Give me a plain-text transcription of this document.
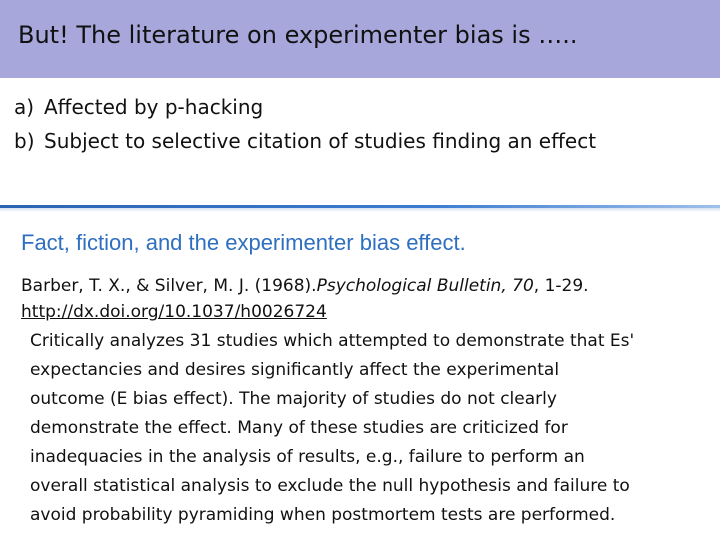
But! The literature on experimenter bias is …..
a) Affected by p-hacking
b) Subject to selective citation of studies finding an effect
Fact, fiction, and the experimenter bias effect.
Barber, T. X., & Silver, M. J. (1968).Psychological Bulletin, 70, 1-29.
http://dx.doi.org/10.1037/h0026724
Critically analyzes 31 studies which attempted to demonstrate that Es'
expectancies and desires significantly affect the experimental
outcome (E bias effect). The majority of studies do not clearly
demonstrate the effect. Many of these studies are criticized for
inadequacies in the analysis of results, e.g., failure to perform an
overall statistical analysis to exclude the null hypothesis and failure to
avoid probability pyramiding when postmortem tests are performed.
